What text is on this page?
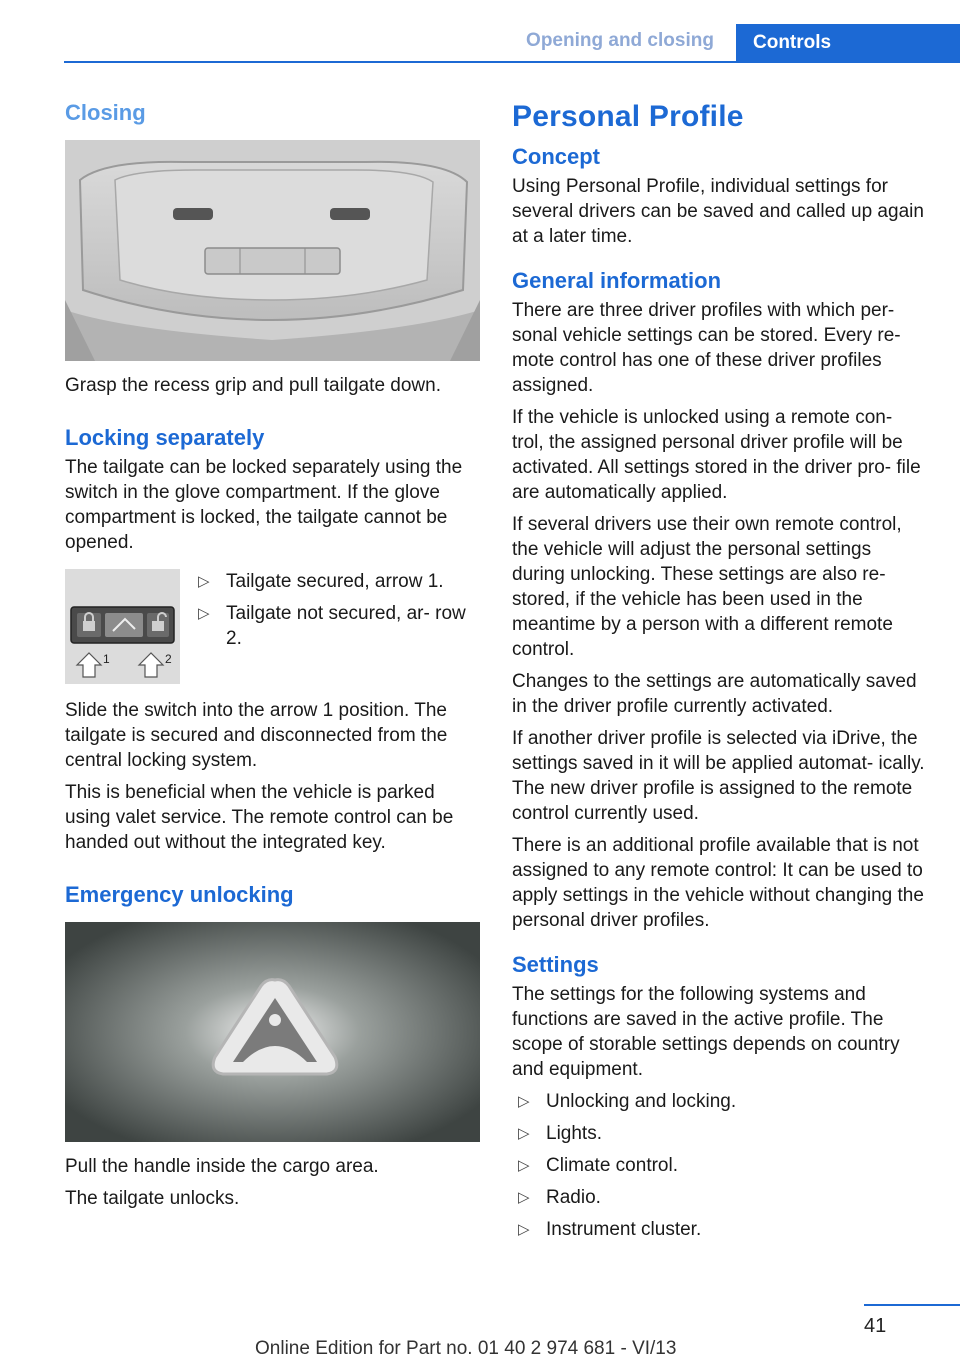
Opening and closing	Controls
Closing

Grasp the recess grip and pull tailgate down.

Locking separately

The tailgate can be locked separately using the switch in the glove compartment. If the glove compartment is locked, the tailgate cannot be opened.

1	2
▷ Tailgate secured, arrow 1.
▷ Tailgate not secured, ar- row 2.

Slide the switch into the arrow 1 position. The tailgate is secured and disconnected from the central locking system.

This is beneficial when the vehicle is parked using valet service. The remote control can be handed out without the integrated key.

Emergency unlocking

Pull the handle inside the cargo area.

The tailgate unlocks.

Personal Profile
Concept

Using Personal Profile, individual settings for several drivers can be saved and called up again at a later time.

General information

There are three driver profiles with which per- sonal vehicle settings can be stored. Every re- mote control has one of these driver profiles assigned.

If the vehicle is unlocked using a remote con- trol, the assigned personal driver profile will be activated. All settings stored in the driver pro- file are automatically applied.

If several drivers use their own remote control, the vehicle will adjust the personal settings during unlocking. These settings are also re- stored, if the vehicle has been used in the meantime by a person with a different remote control.

Changes to the settings are automatically saved in the driver profile currently activated.

If another driver profile is selected via iDrive, the settings saved in it will be applied automat- ically. The new driver profile is assigned to the remote control currently used.

There is an additional profile available that is not assigned to any remote control: It can be used to apply settings in the vehicle without changing the personal driver profiles.

Settings

The settings for the following systems and functions are saved in the active profile. The scope of storable settings depends on country and equipment.

▷ Unlocking and locking.
▷ Lights.
▷ Climate control.
▷ Radio.
▷ Instrument cluster.
41
Online Edition for Part no. 01 40 2 974 681 - VI/13
